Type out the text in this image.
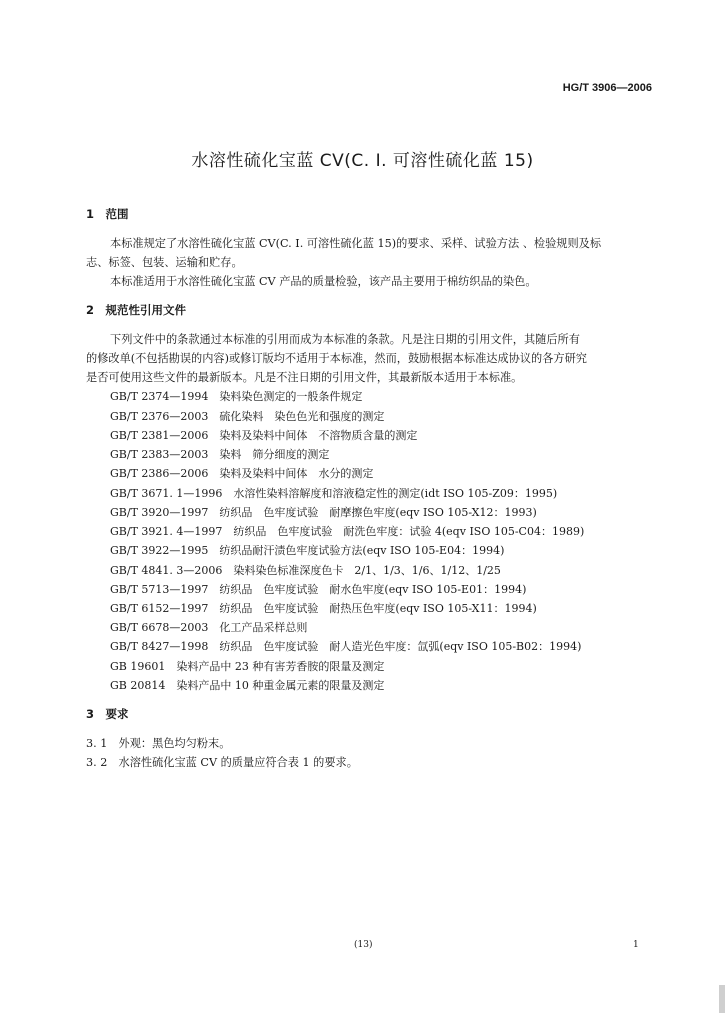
HG/T 3906—2006
水溶性硫化宝蓝 CV(C. I. 可溶性硫化蓝 15)
1　范围
本标准规定了水溶性硫化宝蓝 CV(C. I. 可溶性硫化蓝 15)的要求、采样、试验方法 、检验规则及标
志、标签、包装、运输和贮存。
本标准适用于水溶性硫化宝蓝 CV 产品的质量检验，该产品主要用于棉纺织品的染色。
2　规范性引用文件
下列文件中的条款通过本标准的引用而成为本标准的条款。凡是注日期的引用文件，其随后所有
的修改单(不包括勘误的内容)或修订版均不适用于本标准，然而，鼓励根据本标准达成协议的各方研究
是否可使用这些文件的最新版本。凡是不注日期的引用文件，其最新版本适用于本标准。
GB/T 2374—1994　染料染色测定的一般条件规定
GB/T 2376—2003　硫化染料　染色色光和强度的测定
GB/T 2381—2006　染料及染料中间体　不溶物质含量的测定
GB/T 2383—2003　染料　筛分细度的测定
GB/T 2386—2006　染料及染料中间体　水分的测定
GB/T 3671. 1—1996　水溶性染料溶解度和溶液稳定性的测定(idt ISO 105-Z09：1995)
GB/T 3920—1997　纺织品　色牢度试验　耐摩擦色牢度(eqv ISO 105-X12：1993)
GB/T 3921. 4—1997　纺织品　色牢度试验　耐洗色牢度：试验 4(eqv ISO 105-C04：1989)
GB/T 3922—1995　纺织品耐汗渍色牢度试验方法(eqv ISO 105-E04：1994)
GB/T 4841. 3—2006　染料染色标准深度色卡　2/1、1/3、1/6、1/12、1/25
GB/T 5713—1997　纺织品　色牢度试验　耐水色牢度(eqv ISO 105-E01：1994)
GB/T 6152—1997　纺织品　色牢度试验　耐热压色牢度(eqv ISO 105-X11：1994)
GB/T 6678—2003　化工产品采样总则
GB/T 8427—1998　纺织品　色牢度试验　耐人造光色牢度：氙弧(eqv ISO 105-B02：1994)
GB 19601　染料产品中 23 种有害芳香胺的限量及测定
GB 20814　染料产品中 10 种重金属元素的限量及测定
3　要求
3. 1　外观：黑色均匀粉末。
3. 2　水溶性硫化宝蓝 CV 的质量应符合表 1 的要求。
(13)	1
